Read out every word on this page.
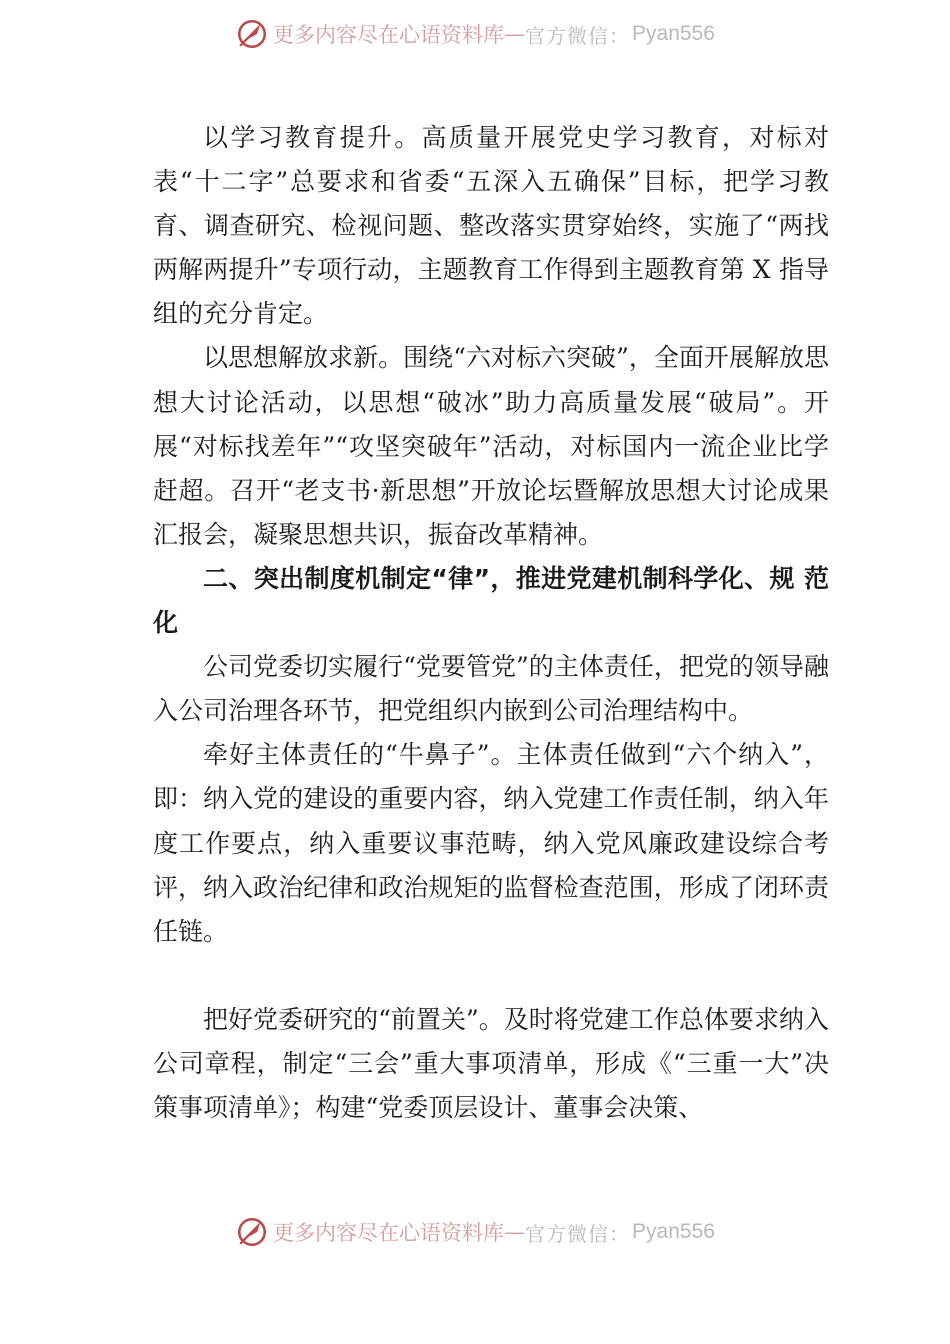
更多内容尽在心语资料库 — 官方微信： Pyan556

以学习教育提升。高质量开展党史学习教育，对标对表“十二字”总要求和省委“五深入五确保”目标，把学习教育、调查研究、检视问题、整改落实贯穿始终，实施了“两找两解两提升”专项行动，主题教育工作得到主题教育第 X 指导组的充分肯定。

以思想解放求新。围绕“六对标六突破”，全面开展解放思想大讨论活动，以思想“破冰”助力高质量发展“破局”。开展“对标找差年”“攻坚突破年”活动，对标国内一流企业比学赶超。召开“老支书·新思想”开放论坛暨解放思想大讨论成果汇报会，凝聚思想共识，振奋改革精神。

二、突出制度机制定“律”，推进党建机制科学化、规 范化

公司党委切实履行“党要管党”的主体责任，把党的领导融入公司治理各环节，把党组织内嵌到公司治理结构中。

牵好主体责任的“牛鼻子”。主体责任做到“六个纳入”，即：纳入党的建设的重要内容，纳入党建工作责任制，纳入年度工作要点，纳入重要议事范畴，纳入党风廉政建设综合考评，纳入政治纪律和政治规矩的监督检查范围，形成了闭环责任链。

把好党委研究的“前置关”。及时将党建工作总体要求纳入公司章程，制定“三会”重大事项清单，形成《“三重一大”决策事项清单》；构建“党委顶层设计、董事会决策、

更多内容尽在心语资料库 — 官方微信： Pyan556
